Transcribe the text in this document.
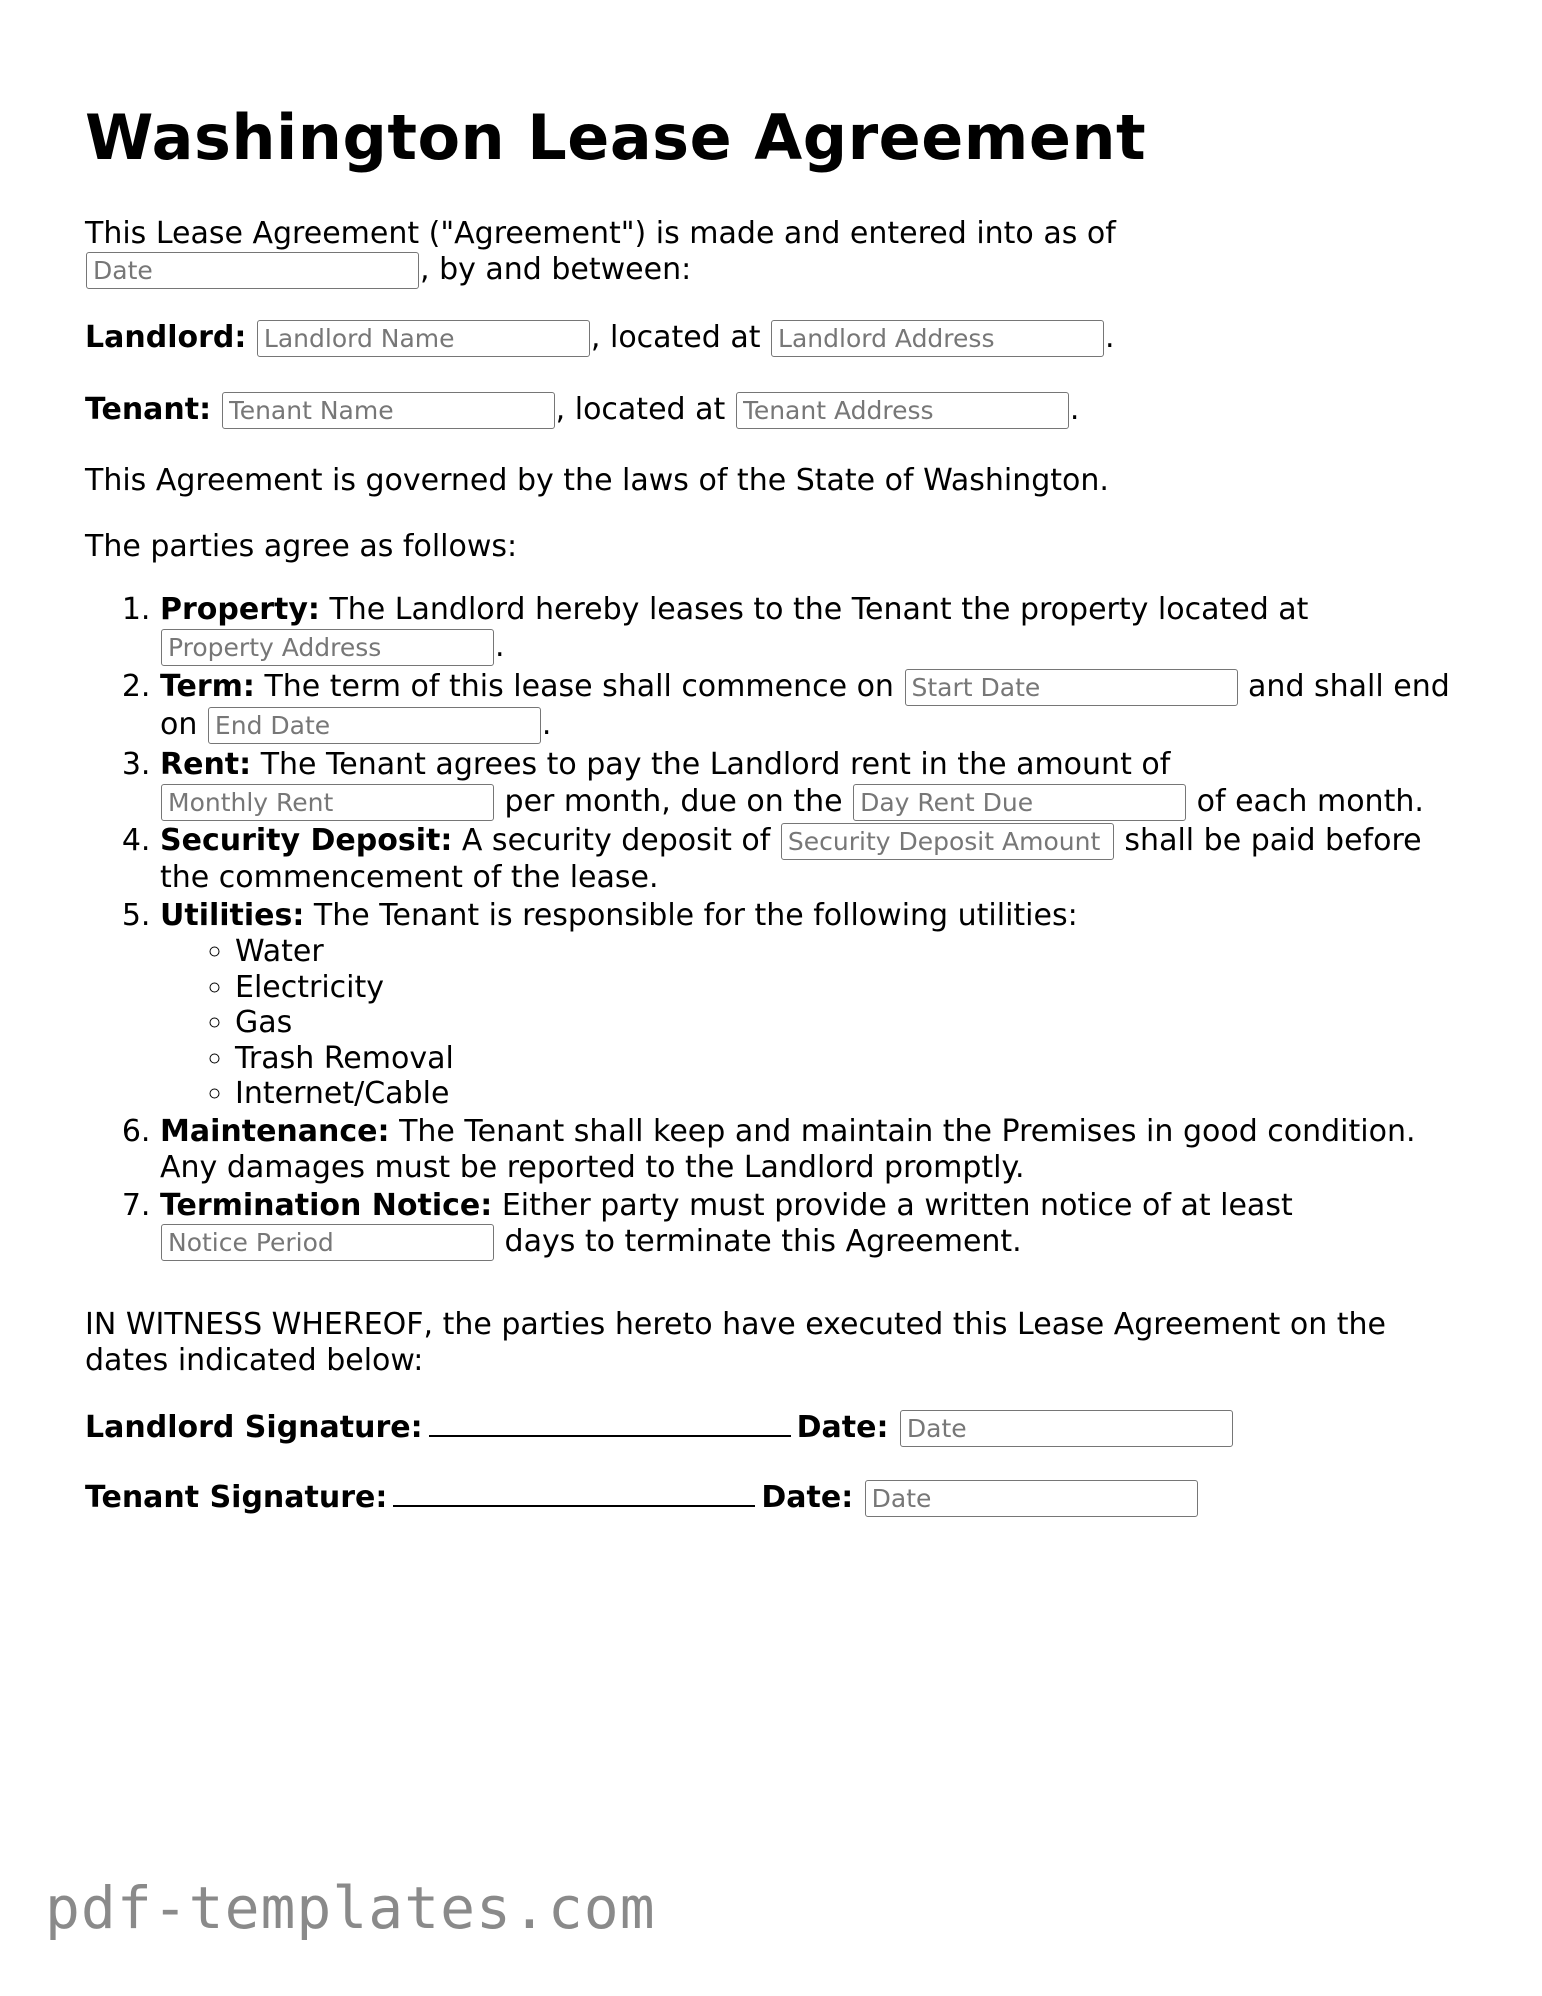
Washington Lease Agreement

This Lease Agreement ("Agreement") is made and entered into as of
Date, by and between:

Landlord: Landlord Name	, located at Landlord Address	.

Tenant: Tenant Name	, located at Tenant Address	.

This Agreement is governed by the laws of the State of Washington.

The parties agree as follows:

1. Property: The Landlord hereby leases to the Tenant the property located at
Property Address.
2. Term: The term of this lease shall commence on Start Date	and shall end on End Date	.
3. Rent: The Tenant agrees to pay the Landlord rent in the amount of
Monthly Rent per month, due on the Day Rent Due	of each month.
4. Security Deposit: A security deposit of Security Deposit Amount	shall be paid before the commencement of the lease.
5. Utilities: The Tenant is responsible for the following utilities:
◦ Water
◦ Electricity
◦ Gas
◦ Trash Removal
◦ Internet/Cable
6. Maintenance: The Tenant shall keep and maintain the Premises in good condition. Any damages must be reported to the Landlord promptly.
7. Termination Notice: Either party must provide a written notice of at least
Notice Period days to terminate this Agreement.

IN WITNESS WHEREOF, the parties hereto have executed this Lease Agreement on the dates indicated below:

Landlord Signature:	Date: Date

Tenant Signature:	Date: Date

pdf-templates.com
